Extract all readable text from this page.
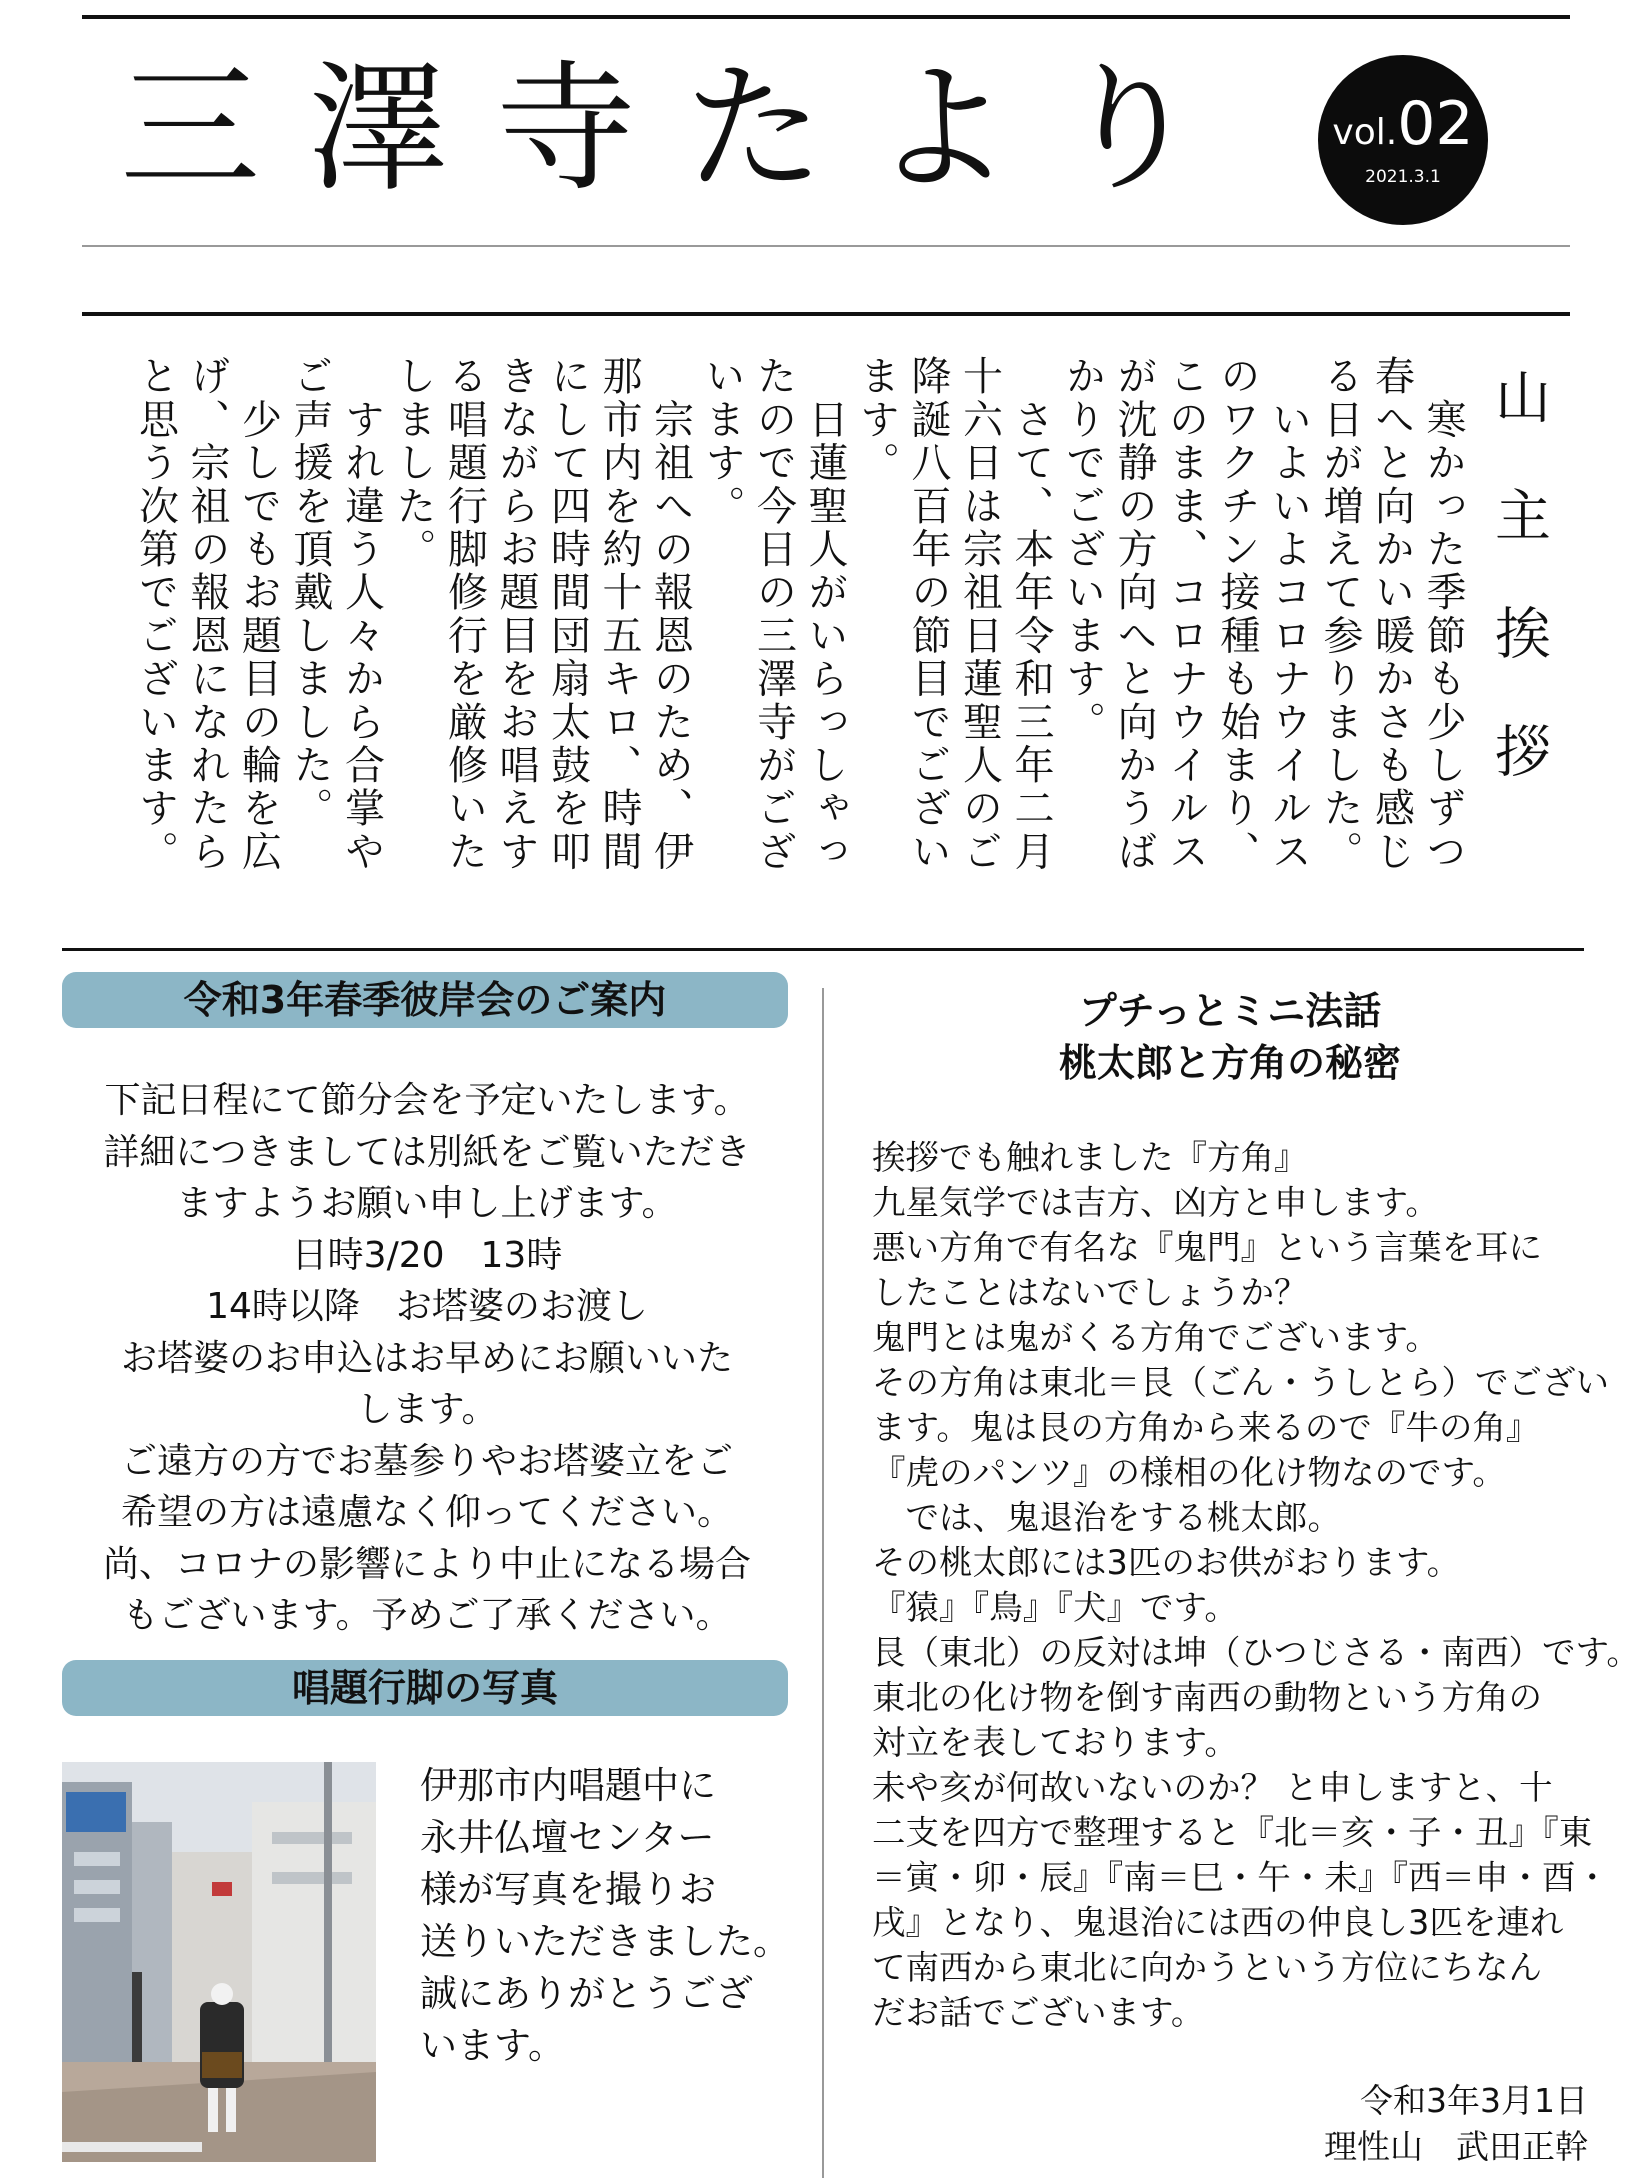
三澤寺たより	vol.02
2021.3.1
山主挨拶

　寒かった季節も少しずつ春へと向かい暖かさも感じる日が増えて参りました。

　いよいよコロナウイルスのワクチン接種も始まり、このまま、コロナウイルスが沈静の方向へと向かうばかりでございます。

　さて、本年令和三年二月十六日は宗祖日蓮聖人のご降誕八百年の節目でございます。

　日蓮聖人がいらっしゃったので今日の三澤寺がございます。

　宗祖への報恩のため、伊那市内を約十五キロ、時間にして四時間団扇太鼓を叩きながらお題目をお唱えする唱題行脚修行を厳修いたしました。

　すれ違う人々から合掌やご声援を頂戴しました。

　少しでもお題目の輪を広げ、宗祖の報恩になれたらと思う次第でございます。

令和3年春季彼岸会のご案内

下記日程にて節分会を予定いたします。

詳細につきましては別紙をご覧いただき

ますようお願い申し上げます。

日時3/20　13時

14時以降　お塔婆のお渡し

お塔婆のお申込はお早めにお願いいた

します。

ご遠方の方でお墓参りやお塔婆立をご

希望の方は遠慮なく仰ってください。

尚、コロナの影響により中止になる場合

もございます。予めご了承ください。

唱題行脚の写真

伊那市内唱題中に

永井仏壇センター

様が写真を撮りお

送りいただきました。

誠にありがとうござ

います。

プチっとミニ法話
桃太郎と方角の秘密

挨拶でも触れました『方角』

九星気学では吉方、凶方と申します。

悪い方角で有名な『鬼門』という言葉を耳に

したことはないでしょうか？

鬼門とは鬼がくる方角でございます。

その方角は東北＝艮（ごん・うしとら）でござい

ます。鬼は艮の方角から来るので『牛の角』

『虎のパンツ』の様相の化け物なのです。

　では、鬼退治をする桃太郎。

その桃太郎には3匹のお供がおります。

『猿』『鳥』『犬』です。

艮（東北）の反対は坤（ひつじさる・南西）です。

東北の化け物を倒す南西の動物という方角の

対立を表しております。

未や亥が何故いないのか？ と申しますと、十

二支を四方で整理すると『北＝亥・子・丑』『東

＝寅・卯・辰』『南＝巳・午・未』『西＝申・酉・

戌』となり、鬼退治には西の仲良し3匹を連れ

て南西から東北に向かうという方位にちなん

だお話でございます。

令和3年3月1日

理性山　武田正幹
